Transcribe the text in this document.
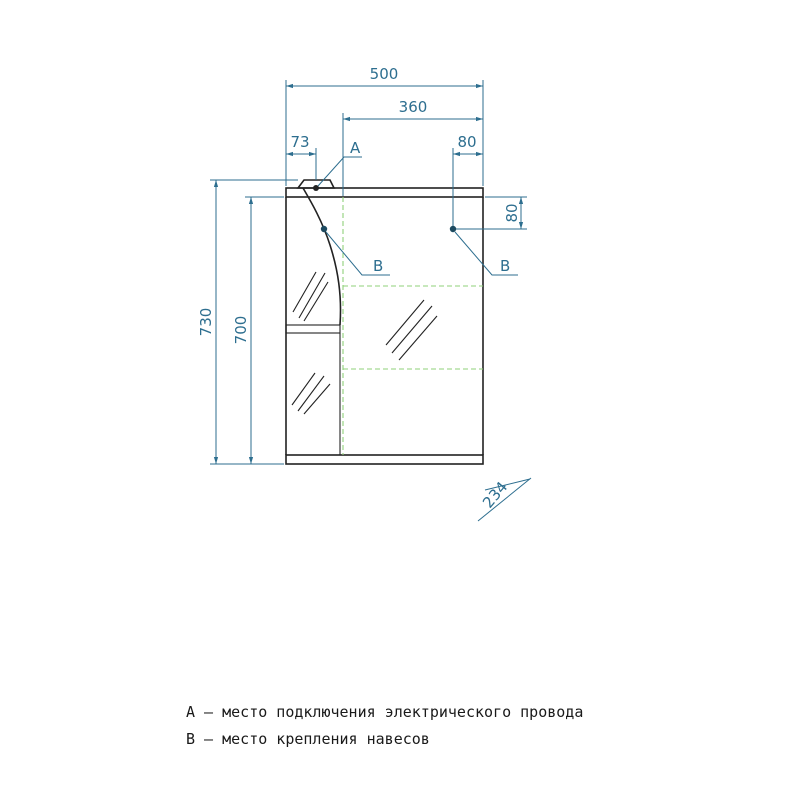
500
360
73	80
80
730 700
234
A
B	B
A – место подключения электрического провода
B – место крепления навесов
